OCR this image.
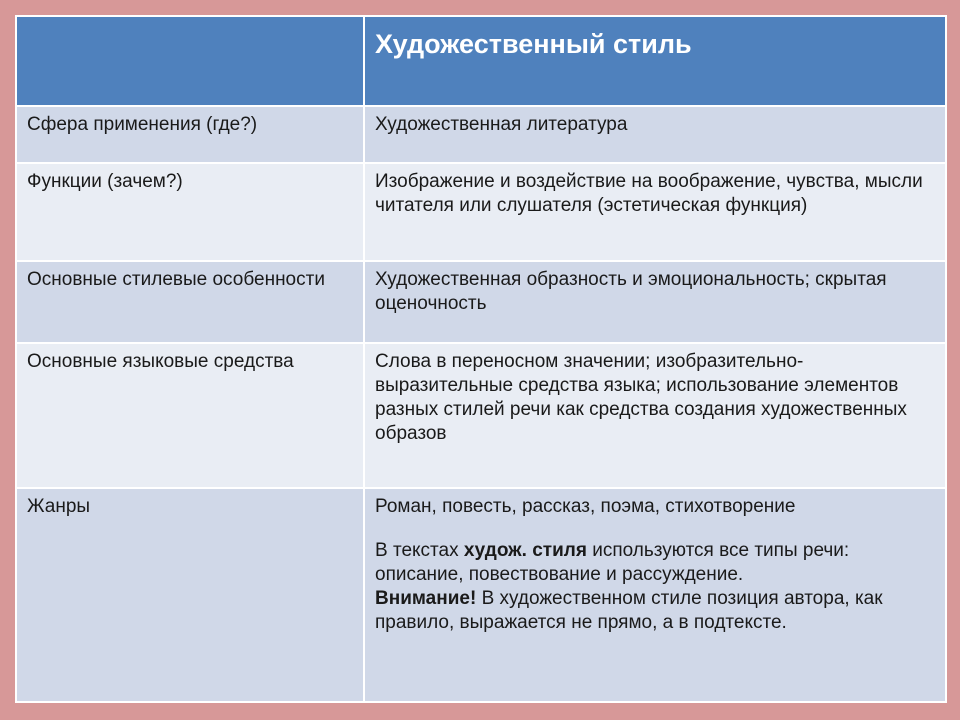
	Художественный стиль
Сфера применения (где?)	Художественная литература
Функции (зачем?)	Изображение и воздействие на воображение, чувства, мысли читателя или слушателя (эстетическая функция)
Основные стилевые особенности	Художественная образность и эмоциональность; скрытая оценочность
Основные языковые средства	Слова в переносном значении; изобразительно-выразительные средства языка; использование элементов разных стилей речи как средства создания художественных образов
Жанры	Роман, повесть, рассказ, поэма, стихотворение
В текстах худож. стиля используются все типы речи: описание, повествование и рассуждение.
Внимание! В художественном стиле позиция автора, как правило, выражается не прямо, а в подтексте.
